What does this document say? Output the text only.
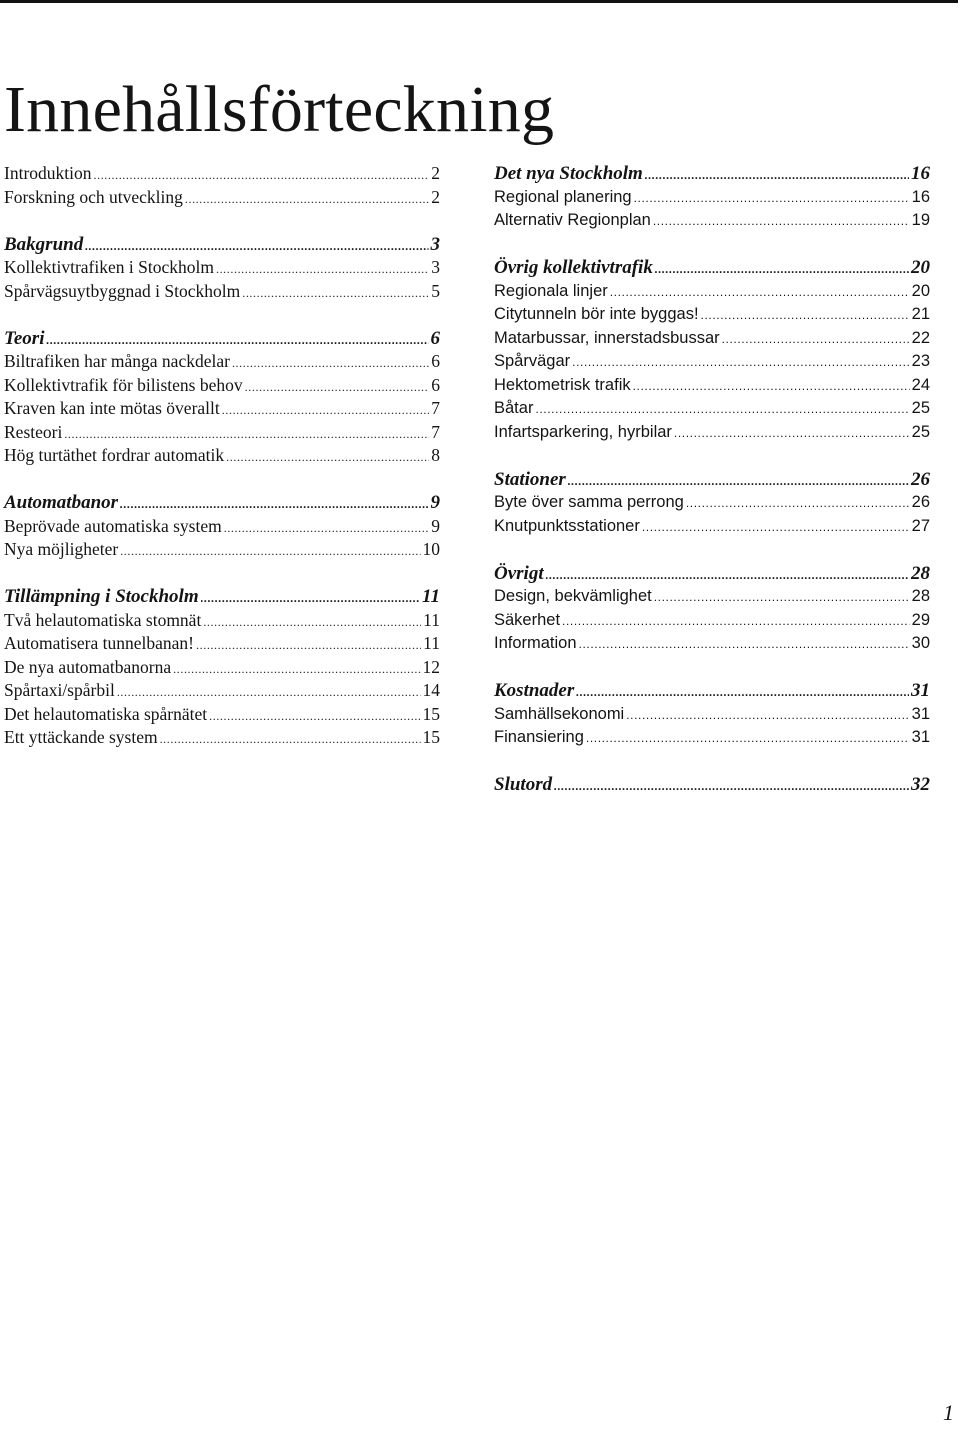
Innehållsförteckning
Introduktion .....	2
Forskning och utveckling .....	2
Bakgrund .....	3
Kollektivtrafiken i Stockholm .....	3
Spårvägsuytbyggnad i Stockholm .....	5
Teori .....	6
Biltrafiken har många nackdelar .....	6
Kollektivtrafik för bilistens behov .....	6
Kraven kan inte mötas överallt .....	7
Resteori .....	7
Hög turtäthet fordrar automatik .....	8
Automatbanor .....	9
Beprövade automatiska system .....	9
Nya möjligheter .....	10
Tillämpning i Stockholm .....	11
Två helautomatiska stomnät .....	11
Automatisera tunnelbanan! .....	11
De nya automatbanorna .....	12
Spårtaxi/spårbil .....	14
Det helautomatiska spårnätet .....	15
Ett yttäckande system .....	15
Det nya Stockholm .....	16
Regional planering .....	16
Alternativ Regionplan .....	19
Övrig kollektivtrafik .....	20
Regionala linjer .....	20
Citytunneln bör inte byggas! .....	21
Matarbussar, innerstadsbussar .....	22
Spårvägar .....	23
Hektometrisk trafik .....	24
Båtar .....	25
Infartsparkering, hyrbilar .....	25
Stationer .....	26
Byte över samma perrong .....	26
Knutpunktsstationer .....	27
Övrigt .....	28
Design, bekvämlighet .....	28
Säkerhet .....	29
Information .....	30
Kostnader .....	31
Samhällsekonomi .....	31
Finansiering .....	31
Slutord .....	32
1
